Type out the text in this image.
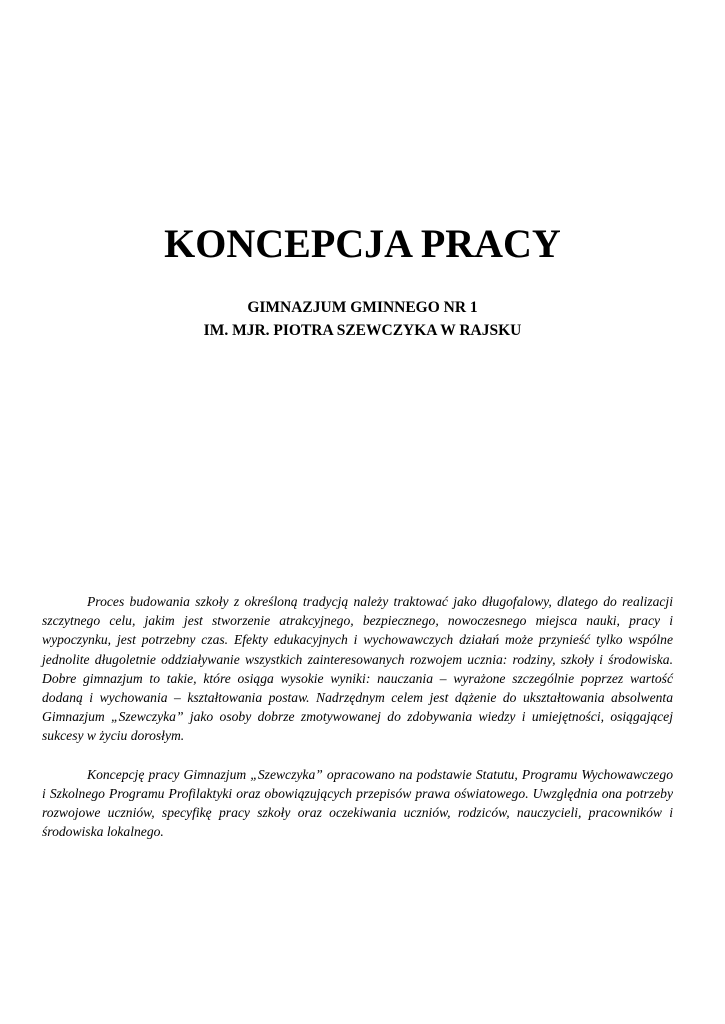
KONCEPCJA PRACY
GIMNAZJUM GMINNEGO NR 1
IM. MJR. PIOTRA SZEWCZYKA W RAJSKU

Proces budowania szkoły z określoną tradycją należy traktować jako długofalowy, dlatego do realizacji szczytnego celu, jakim jest stworzenie atrakcyjnego, bezpiecznego, nowoczesnego miejsca nauki, pracy i wypoczynku, jest potrzebny czas. Efekty edukacyjnych i wychowawczych działań może przynieść tylko wspólne jednolite długoletnie oddziaływanie wszystkich zainteresowanych rozwojem ucznia: rodziny, szkoły i środowiska. Dobre gimnazjum to takie, które osiąga wysokie wyniki: nauczania – wyrażone szczególnie poprzez wartość dodaną i wychowania – kształtowania postaw. Nadrzędnym celem jest dążenie do ukształtowania absolwenta Gimnazjum „Szewczyka” jako osoby dobrze zmotywowanej do zdobywania wiedzy i umiejętności, osiągającej sukcesy w życiu dorosłym.

Koncepcję pracy Gimnazjum „Szewczyka” opracowano na podstawie Statutu, Programu Wychowawczego i Szkolnego Programu Profilaktyki oraz obowiązujących przepisów prawa oświatowego. Uwzględnia ona potrzeby rozwojowe uczniów, specyfikę pracy szkoły oraz oczekiwania uczniów, rodziców, nauczycieli, pracowników i środowiska lokalnego.
